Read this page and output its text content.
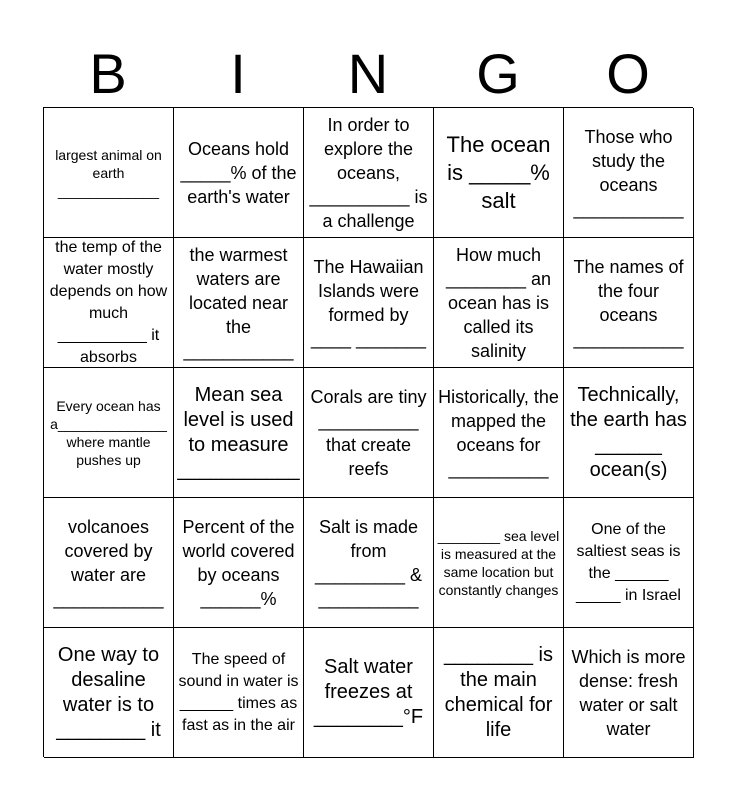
B	I	N	G	O
largest animal on earth
_____________
Oceans hold _____% of the earth's water
In order to explore the oceans, __________ is a challenge
The ocean is _____% salt
Those who study the oceans
___________
the temp of the water mostly depends on how much __________ it absorbs
the warmest waters are located near the ___________
The Hawaiian Islands were formed by ____ _______
How much ________ an ocean has is called its salinity
The names of the four oceans
___________
Every ocean has a______________ where mantle pushes up
Mean sea level is used to measure ___________
Corals are tiny __________ that create reefs
Historically, the mapped the oceans for __________
Technically, the earth has ______ ocean(s)
volcanoes covered by water are ___________
Percent of the world covered by oceans ______%
Salt is made from _________ & __________
________ sea level is measured at the same location but constantly changes
One of the saltiest seas is the ______ _____ in Israel
One way to desaline water is to ________ it
The speed of sound in water is ______ times as fast as in the air
Salt water freezes at ________°F
________ is the main chemical for life
Which is more dense: fresh water or salt water
